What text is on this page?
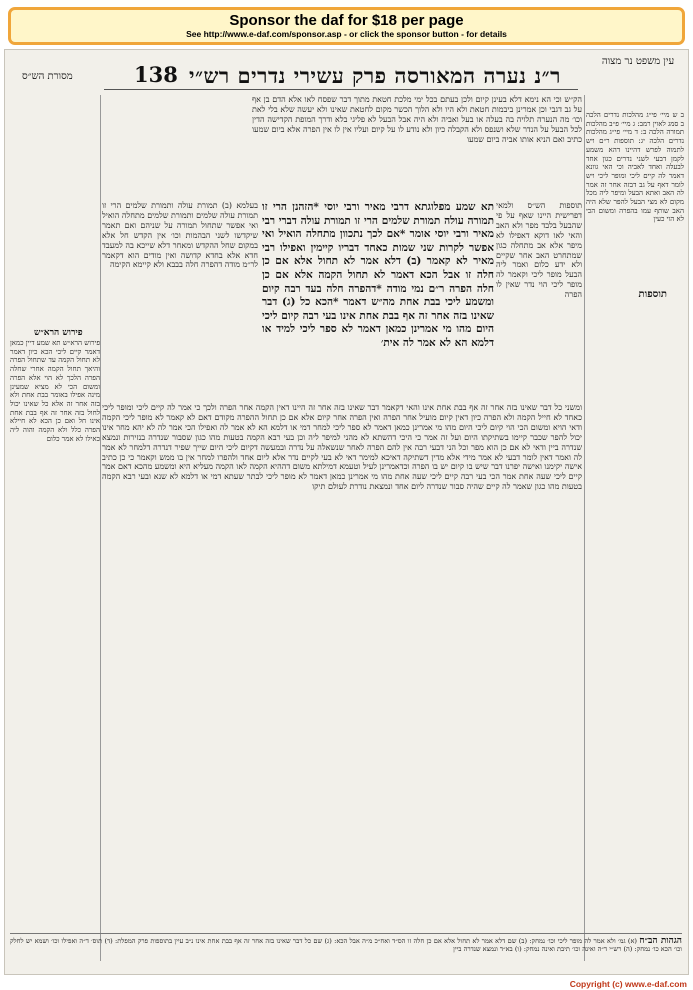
Sponsor the daf for $18 per page
See http://www.e-daf.com/sponsor.asp - or click the sponsor button - for details
מסורת הש״ס	ר״נ נערה המאורסה פרק עשירי נדרים רש״י
138
עין משפט נר מצוה
הק״ש וכי הא נימא דלא בעינן קיום ולכן בעתם בכל ימי מלכת חטאת מתוך דבר שפסח לאו אלא הדם בן אף על גב דגבי וכן אמרינן ביבמות חטאת ולא היו ולא הלוך הכשר מקום לחטאת שאינו ולא יעשה שלא בלי לאת וכו׳ מה הנערה תלויה בה בעלה או בעל ואביה ולא היה אבל הבעל לא פליגי בלא ודרך המופת הקדישה הדין לכל הבעל על הנדר שלא ושנפס ולא הקבלה כיון ולא נודע לו על קיום ועליו אין לו אין הפרה אלא ביום שמעו כתיב ואם הניא אותו אביה ביום שמעו
תא שמע מפלוגתא דרבי מאיר ורבי יוסי *הזהנן הרי זו תמורה עולה תמורת שלמים הרי זו תמורת עולה דברי רבי מאיר ורבי יוסי אומר *אם לכך נתכוון מתחלה הואיל ואי אפשר לקרות שני שמות כאחד דבריו קיימין ואפילו רבי מאיר לא קאמר (ב) דלא אמר לא תחול אלא אם כן חלה זו אבל הכא דאמר לא תחול הקמה אלא אם כן חלה הפרה ר״ם נמי מודה *דהפרה חלה בעד רבה קיום ומשמע ליכי בבת אחת מה״ש דאמר *הכא כל (ג) דבר שאינו בזה אחר זה אף בבת אחת אינו בעי רבה קיום ליכי היום מהו מי אמרינן כמאן דאמר לא ספר ליכי למיד או דלמא הא לא אמר לה אית׳
תוספות הש״ס ולמאי דפרישית היינו שאף על פי שהבעל בלבד מפר ולא האב והאי לאו דוקא דאפילו לא מיפר אלא אב מתחלה כגון שמתחרט האב אחר שקיים ולא ידע כלום ואמר ליה הבעל מופר ליכי וקאמר לה מופר ליכי הוי נדר שאין לו הפרה
בעלמא (ב) תמורת עולה ותמורת שלמים הרי זו תמורת עולה שלמים ותמורת שלמים מתחלה הואיל ואי אפשר שתחול תמורה על שניהם ואם תאמר שיקדשו לשני הבהמות וכו׳ אין הקדש חל אלא במקום שחל ההקדש ומאחר דלא שייכא בה למעבד חדא אלא בחדא קדושה ואין מודים הוא דקאמר לר״מ מודה דהפרה חלה בבבא ולא קיימא הקימה
ומשני כל דבר שאינו בזה אחר זה אף בבת אחת אינו והאי דקאמר דבר שאינו בזה אחר זה היינו דאין הקמה אחר הפרה ולכך כי אמר לה קיים ליכי ומופר ליכי כאחד לא חייל הקמה ולא הפרה כיון דאין קיום מועיל אחר הפרה ואין הפרה אחר קיום אלא אם כן תחול ההפרה מקודם דאם לא קאמר לא מופר ליכי הקמה ודאי הויא ומשום הכי הוי קיום ליכי היום מהו מי אמרינן כמאן דאמר לא ספר ליכי למחר דמי או דלמא הא לא אמר לה ואפילו הכי אמר לה לא יהא מחר אינו יכול להפר שכבר קיימו בשתיקתו היום ועל זה אמר כי היכי דהשתא לא מהני למיפר ליה וכן בעי רבא הקמה בטעות מהו כגון שסבור שנדרה בנזירות ונמצא שנדרה ביין ודאי לא אם כן הוא מפר וכל הני דבעי רבה אין להם הפרה לאחר שנשאלה על נדרה ובמעשה דקיום ליכי היום שייך שפיר דנדרה דלמחר לא אמר לה ואמר דאין לומר דבעי לא אמר מידי אלא מדין דשתיקה דאיכא למימר דאי לא בעי לקיים נדר אלא ליום אחד ולהפרו למחר אין בו ממש וקאמר כי כן כתיב אישה יקימנו ואישה יפרנו דבר שיש בו קיום יש בו הפרה וכדאמרינן לעיל וטעמא דמילתא משום דההיא הקמה לאו הקמה מעליא היא ומשמע מהכא דאם אמר קיים ליכי שעה אחת אמר הכי בעי רבה קיים ליכי שעה אחת מהו מי אמרינן כמאן דאמר לא מופר ליכי לבתר שעתא דמי או דלמא לא שנא ובעי רבא הקמה בטעות מהו כגון שאמר לה קיים שהיה סבור שנדרה ליום אחד ונמצאת נודרת לעולם תיקו
ב ש מיי׳ פי״ג מהלכות נדרים הלכה ב סמג לאוין רמב: ג מיי׳ פ״ב מהלכות תמורה הלכה ב: ד מיי׳ פי״ג מהלכות נדרים הלכה יג: תוספות ר״ם ויש לתמוה לפרש דהיינו דהא משמע לקמן דבעי לשני נדרים כגון אחד לבעלה ואחד לאביה וכי האי גוונא דאמר לה קיים ליכי ומופר ליכי ויש לומר דאף על גב דבזה אחר זה אמר לה האב ואתא הבעל ומיפר ליה מכל מקום לא מצי הבעל להפר שלא היה האב שותף עמו בהפרה ומשום הכי לא הוי כעין
תוספות
פירוש הרא״ש
פירוש הרא״ש תא שמע דיין כמאן דאמר קיים ליכי הכא כיון דאמר לא תחול הקמה עד שתחול הפרה והיאך תחול הקמה אחרי שחלה הפרה הלכך לא הוי אלא הפרה ומשום הכי לא מציא שמעינן מינה אפילו באומר בבת אחת ולא בזה אחר זה אלא כל שאינו יכול לחול בזה אחר זה אף בבת אחת אינו חל ואם כן הכא לא חיילא הפרה כלל ולא הקמה והוה ליה כאילו לא אמר כלום
הגהות הב״ח (א) גמ׳ ולא אמר לה מופר ליכי וכו׳ נמחק: (ב) שם דלא אמר לא תחול אלא אם כן חלה זו הס״ד ואח״כ מ״ה אבל הכא: (ג) שם כל דבר שאינו בזה אחר זה אף בבת אחת אינו נ״ב עיין בתוספות פרק המפלת: (ד) תוס׳ ד״ה ואפילו וכו׳ ושמא יש לחלק וכו׳ הכא כו׳ נמחק: (ה) רש״י ד״ה ואינה וכו׳ תיבת ואינה נמחק: (ו) בא״ד ונמצא שנדרה ביין
Copyright (c) www.e-daf.com
